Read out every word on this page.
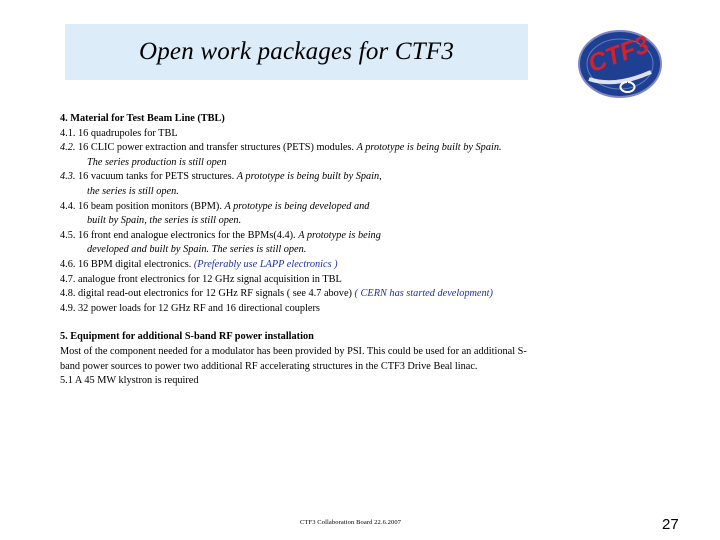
Open work packages for CTF3	CTF3
4. Material for Test Beam Line (TBL)
4.1. 16 quadrupoles for TBL
4.2. 16 CLIC power extraction and transfer structures (PETS) modules. A prototype is being built by Spain.
The series production is still open
4.3. 16 vacuum tanks for PETS structures. A prototype is being built by Spain,
the series is still open.
4.4. 16 beam position monitors (BPM). A prototype is being developed and
built by Spain, the series is still open.
4.5. 16 front end analogue electronics for the BPMs(4.4). A prototype is being
developed and built by Spain. The series is still open.
4.6. 16 BPM digital electronics. (Preferably use LAPP electronics )
4.7. analogue front electronics for 12 GHz signal acquisition in TBL
4.8. digital read-out electronics for 12 GHz RF signals ( see 4.7 above) ( CERN has started development)
4.9. 32 power loads for 12 GHz RF and 16 directional couplers
5. Equipment for additional S-band RF power installation
Most of the component needed for a modulator has been provided by PSI. This could be used for an additional S-
band power sources to power two additional RF accelerating structures in the CTF3 Drive Beal linac.
5.1 A 45 MW klystron is required
CTF3 Collaboration Board 22.6.2007	27
